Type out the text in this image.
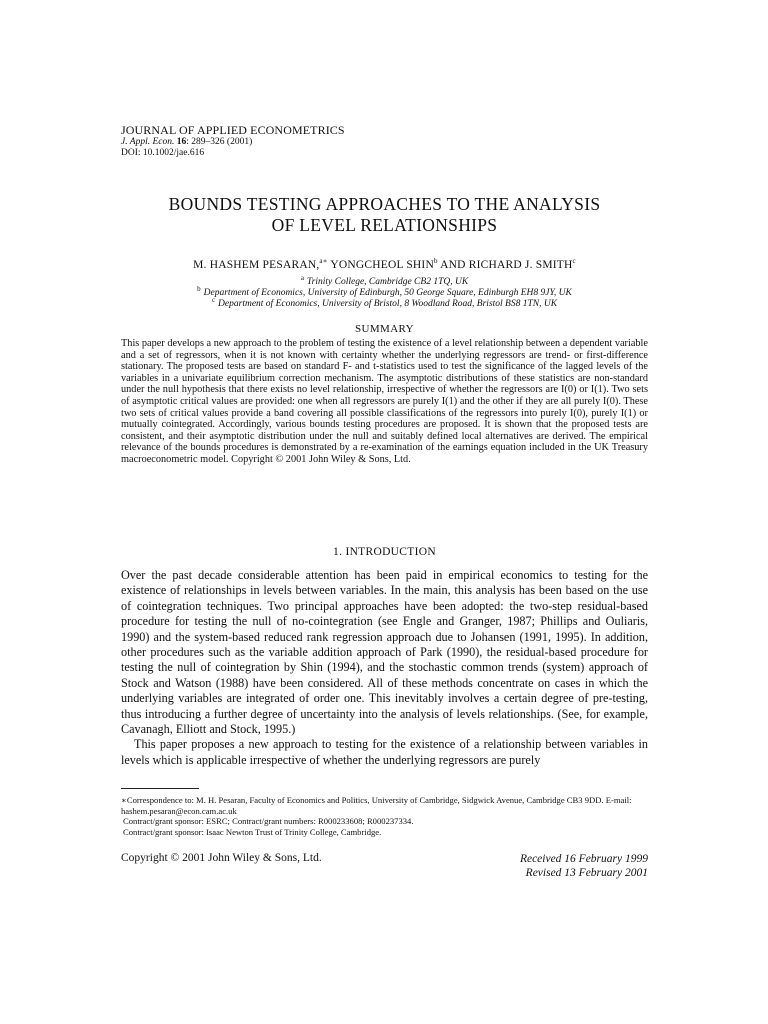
JOURNAL OF APPLIED ECONOMETRICS
J. Appl. Econ. 16: 289–326 (2001)
DOI: 10.1002/jae.616
BOUNDS TESTING APPROACHES TO THE ANALYSIS
OF LEVEL RELATIONSHIPS
M. HASHEM PESARAN,$^{a∗}$ YONGCHEOL SHIN$^b$ AND RICHARD J. SMITH$^c$
$^a$ Trinity College, Cambridge CB2 1TQ, UK
$^b$ Department of Economics, University of Edinburgh, 50 George Square, Edinburgh EH8 9JY, UK
$^c$ Department of Economics, University of Bristol, 8 Woodland Road, Bristol BS8 1TN, UK
SUMMARY
This paper develops a new approach to the problem of testing the existence of a level relationship between a dependent variable and a set of regressors, when it is not known with certainty whether the underlying regressors are trend- or first-difference stationary. The proposed tests are based on standard F- and t-statistics used to test the significance of the lagged levels of the variables in a univariate equilibrium correction mechanism. The asymptotic distributions of these statistics are non-standard under the null hypothesis that there exists no level relationship, irrespective of whether the regressors are I(0) or I(1). Two sets of asymptotic critical values are provided: one when all regressors are purely I(1) and the other if they are all purely I(0). These two sets of critical values provide a band covering all possible classifications of the regressors into purely I(0), purely I(1) or mutually cointegrated. Accordingly, various bounds testing procedures are proposed. It is shown that the proposed tests are consistent, and their asymptotic distribution under the null and suitably defined local alternatives are derived. The empirical relevance of the bounds procedures is demonstrated by a re-examination of the earnings equation included in the UK Treasury macroeconometric model. Copyright © 2001 John Wiley & Sons, Ltd.
1. INTRODUCTION

Over the past decade considerable attention has been paid in empirical economics to testing for the existence of relationships in levels between variables. In the main, this analysis has been based on the use of cointegration techniques. Two principal approaches have been adopted: the two-step residual-based procedure for testing the null of no-cointegration (see Engle and Granger, 1987; Phillips and Ouliaris, 1990) and the system-based reduced rank regression approach due to Johansen (1991, 1995). In addition, other procedures such as the variable addition approach of Park (1990), the residual-based procedure for testing the null of cointegration by Shin (1994), and the stochastic common trends (system) approach of Stock and Watson (1988) have been considered. All of these methods concentrate on cases in which the underlying variables are integrated of order one. This inevitably involves a certain degree of pre-testing, thus introducing a further degree of uncertainty into the analysis of levels relationships. (See, for example, Cavanagh, Elliott and Stock, 1995.)

This paper proposes a new approach to testing for the existence of a relationship between variables in levels which is applicable irrespective of whether the underlying regressors are purely

∗Correspondence to: M. H. Pesaran, Faculty of Economics and Politics, University of Cambridge, Sidgwick Avenue, Cambridge CB3 9DD. E-mail: hashem.pesaran@econ.cam.ac.uk

Contract/grant sponsor: ESRC; Contract/grant numbers: R000233608; R000237334.

Contract/grant sponsor: Isaac Newton Trust of Trinity College, Cambridge.

Copyright © 2001 John Wiley & Sons, Ltd.	Received 16 February 1999
Revised 13 February 2001
